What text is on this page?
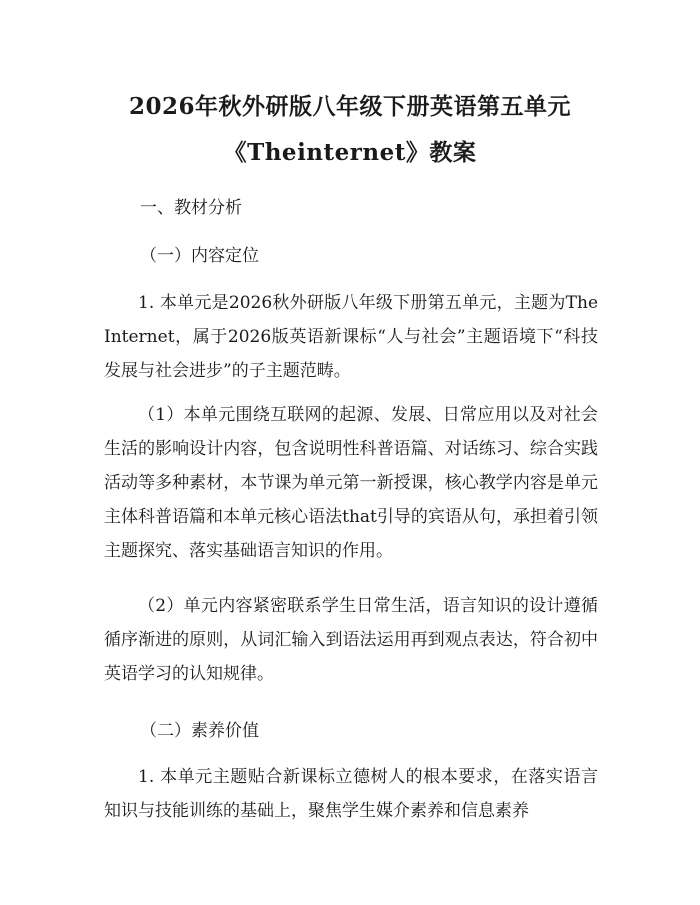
2026年秋外研版八年级下册英语第五单元
《Theinternet》教案
一、教材分析
（一）内容定位
1. 本单元是2026秋外研版八年级下册第五单元，主题为The Internet，属于2026版英语新课标“人与社会”主题语境下“科技发展与社会进步”的子主题范畴。
（1）本单元围绕互联网的起源、发展、日常应用以及对社会生活的影响设计内容，包含说明性科普语篇、对话练习、综合实践活动等多种素材，本节课为单元第一新授课，核心教学内容是单元主体科普语篇和本单元核心语法that引导的宾语从句，承担着引领主题探究、落实基础语言知识的作用。
（2）单元内容紧密联系学生日常生活，语言知识的设计遵循循序渐进的原则，从词汇输入到语法运用再到观点表达，符合初中英语学习的认知规律。
（二）素养价值
1. 本单元主题贴合新课标立德树人的根本要求，在落实语言知识与技能训练的基础上，聚焦学生媒介素养和信息素养
